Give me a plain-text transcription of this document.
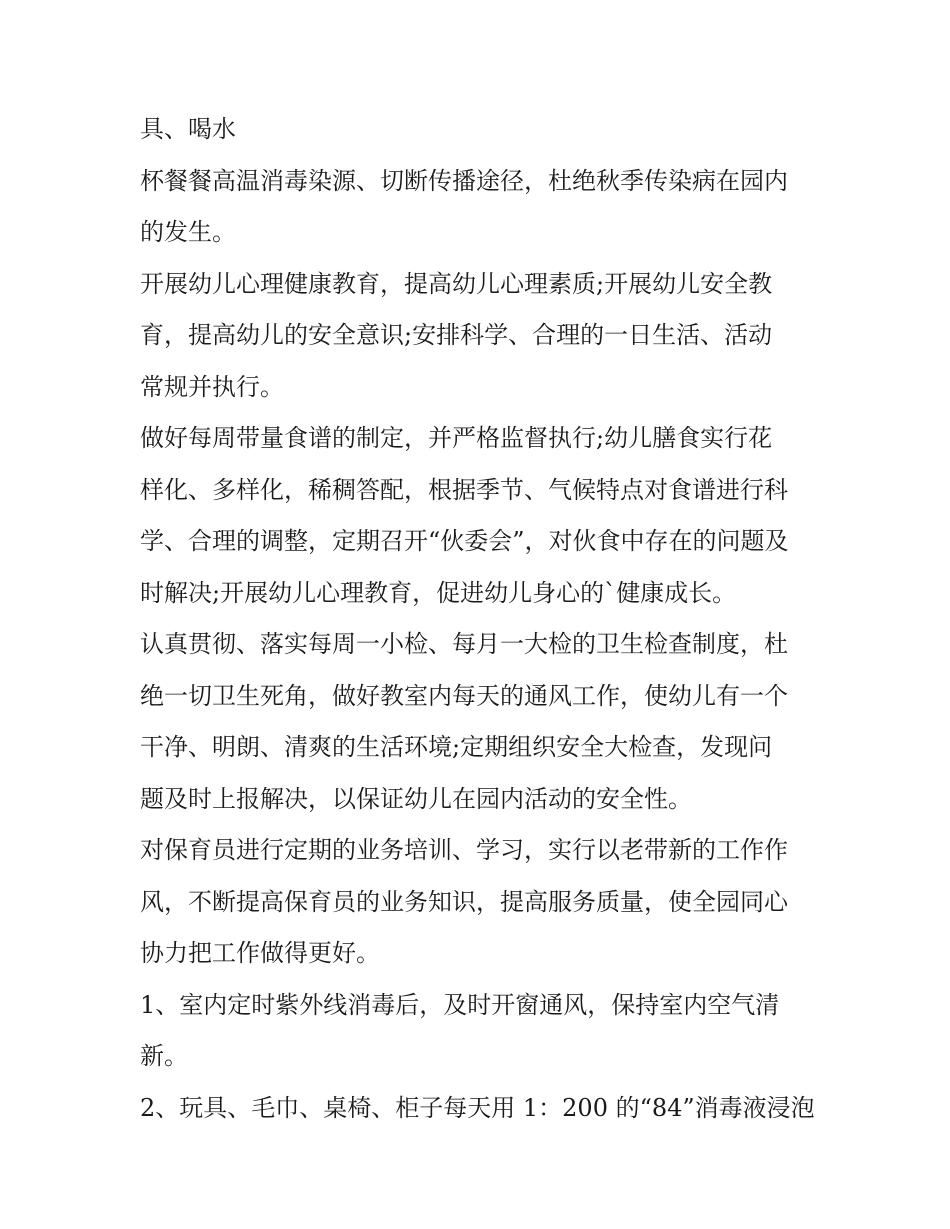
具、喝水
杯餐餐高温消毒染源、切断传播途径，杜绝秋季传染病在园内
的发生。
开展幼儿心理健康教育，提高幼儿心理素质;开展幼儿安全教
育，提高幼儿的安全意识;安排科学、合理的一日生活、活动
常规并执行。
做好每周带量食谱的制定，并严格监督执行;幼儿膳食实行花
样化、多样化，稀稠答配，根据季节、气候特点对食谱进行科
学、合理的调整，定期召开“伙委会”，对伙食中存在的问题及
时解决;开展幼儿心理教育，促进幼儿身心的`健康成长。
认真贯彻、落实每周一小检、每月一大检的卫生检查制度，杜
绝一切卫生死角，做好教室内每天的通风工作，使幼儿有一个
干净、明朗、清爽的生活环境;定期组织安全大检查，发现问
题及时上报解决，以保证幼儿在园内活动的安全性。
对保育员进行定期的业务培训、学习，实行以老带新的工作作
风，不断提高保育员的业务知识，提高服务质量，使全园同心
协力把工作做得更好。
1、室内定时紫外线消毒后，及时开窗通风，保持室内空气清
新。
2、玩具、毛巾、桌椅、柜子每天用 1：200 的“84”消毒液浸泡
